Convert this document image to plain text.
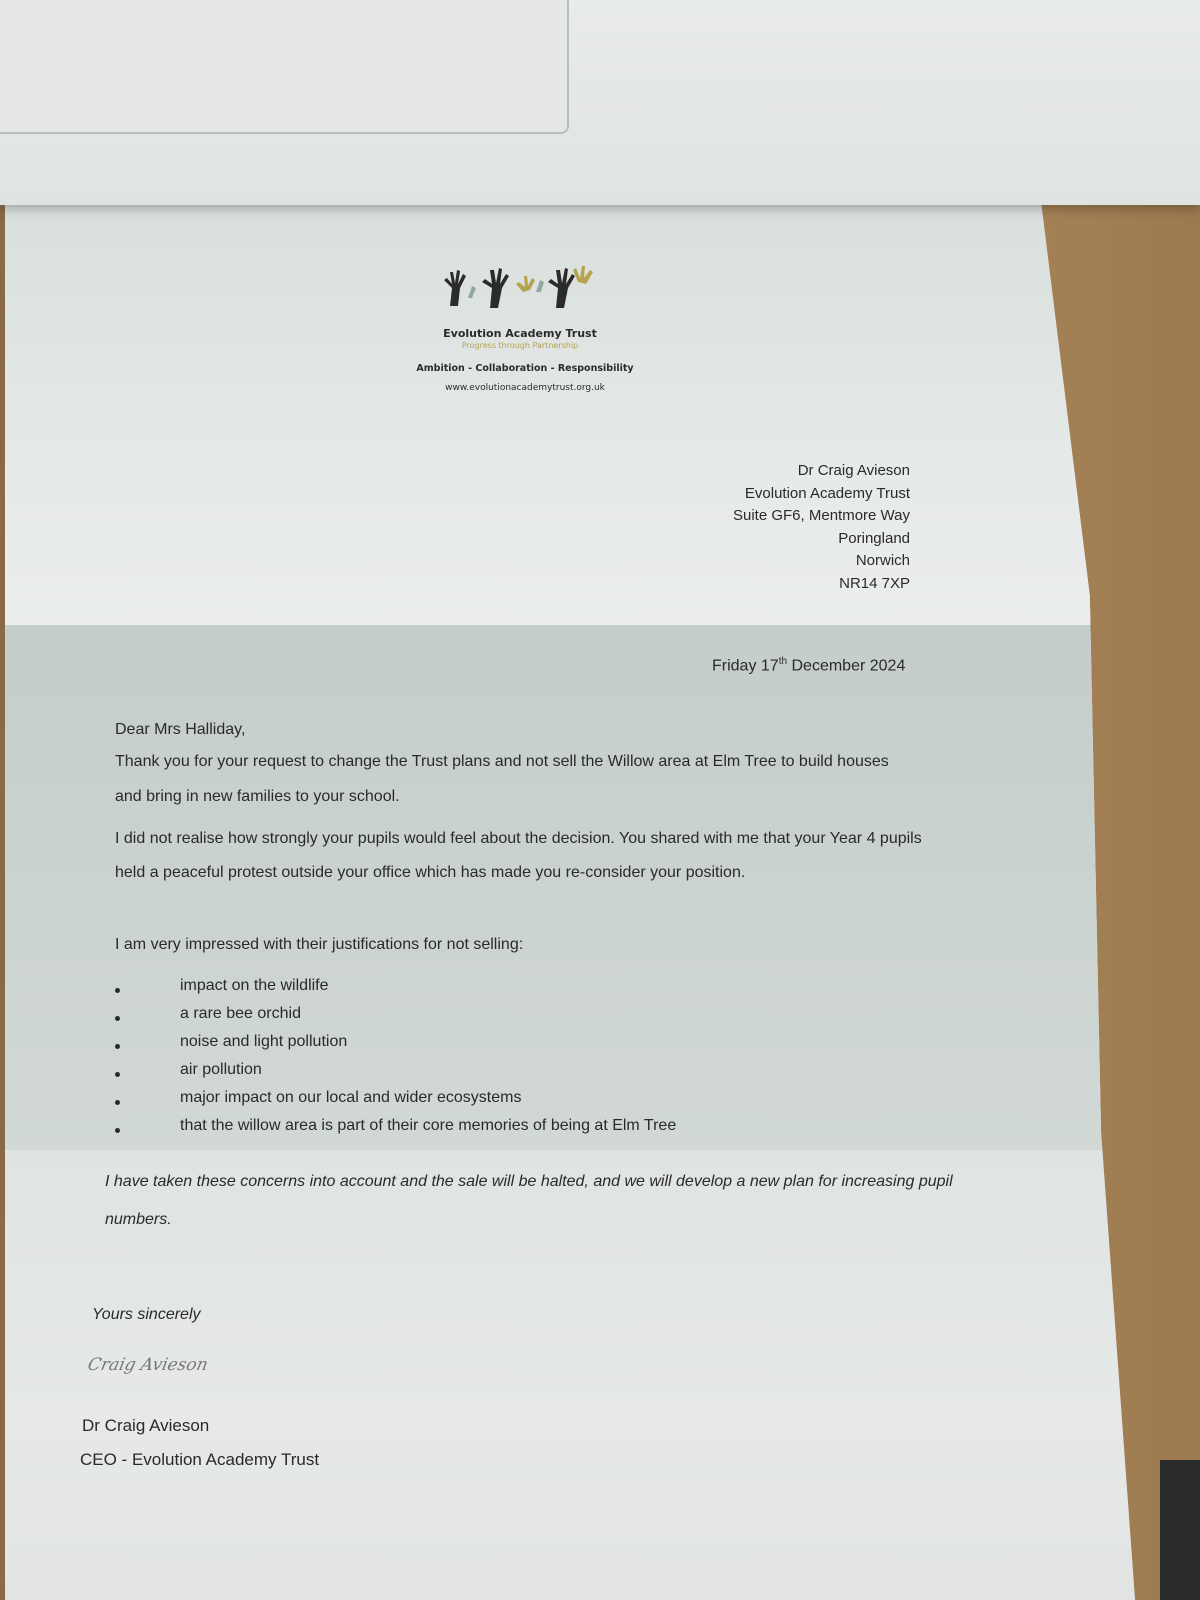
Evolution Academy Trust
Progress through Partnership
Ambition - Collaboration - Responsibility
www.evolutionacademytrust.org.uk
Dr Craig Avieson
Evolution Academy Trust
Suite GF6, Mentmore Way
Poringland
Norwich
NR14 7XP
Friday 17th December 2024
Dear Mrs Halliday,
Thank you for your request to change the Trust plans and not sell the Willow area at Elm Tree to build houses and bring in new families to your school.
I did not realise how strongly your pupils would feel about the decision. You shared with me that your Year 4 pupils held a peaceful protest outside your office which has made you re-consider your position.
I am very impressed with their justifications for not selling:
impact on the wildlife
a rare bee orchid
noise and light pollution
air pollution
major impact on our local and wider ecosystems
that the willow area is part of their core memories of being at Elm Tree
I have taken these concerns into account and the sale will be halted, and we will develop a new plan for increasing pupil numbers.
Yours sincerely
Craig Avieson
Dr Craig Avieson
CEO - Evolution Academy Trust
